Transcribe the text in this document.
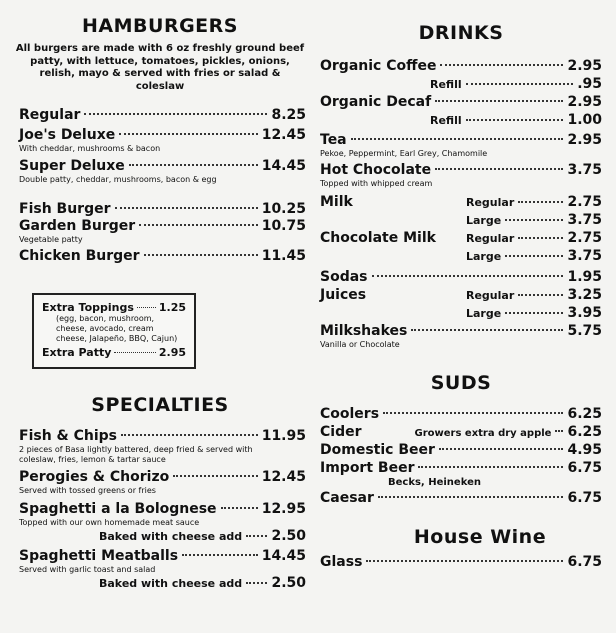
HAMBURGERS
All burgers are made with 6 oz freshly ground beef patty, with lettuce, tomatoes, pickles, onions, relish, mayo & served with fries or salad & coleslaw
Regular	8.25
Joe's Deluxe	12.45
With cheddar, mushrooms & bacon
Super Deluxe	14.45
Double patty, cheddar, mushrooms, bacon & egg
Fish Burger	10.25
Garden Burger	10.75
Vegetable patty
Chicken Burger	11.45
Extra Toppings 1.25
(egg, bacon, mushroom, cheese, avocado, cream cheese, Jalapeño, BBQ, Cajun)
Extra Patty	2.95
SPECIALTIES
Fish & Chips	11.95
2 pieces of Basa lightly battered, deep fried & served with coleslaw, fries, lemon & tartar sauce
Perogies & Chorizo	12.45
Served with tossed greens or fries
Spaghetti a la Bolognese	12.95
Topped with our own homemade meat sauce
Baked with cheese add 2.50
Spaghetti Meatballs	14.45
Served with garlic toast and salad
Baked with cheese add 2.50
DRINKS
Organic Coffee	2.95
Refill	.95
Organic Decaf	2.95
Refill	1.00
Tea	2.95
Pekoe, Peppermint, Earl Grey, Chamomile
Hot Chocolate	3.75
Topped with whipped cream
Milk	Regular	2.75
Large	3.75
Chocolate Milk	Regular	2.75
Large	3.75
Sodas	1.95
Juices	Regular	3.25
Large	3.95
Milkshakes	5.75
Vanilla or Chocolate
SUDS
Coolers	6.25
Cider	Growers extra dry apple 6.25
Domestic Beer	4.95
Import Beer	6.75
Becks, Heineken
Caesar	6.75
House Wine
Glass	6.75
